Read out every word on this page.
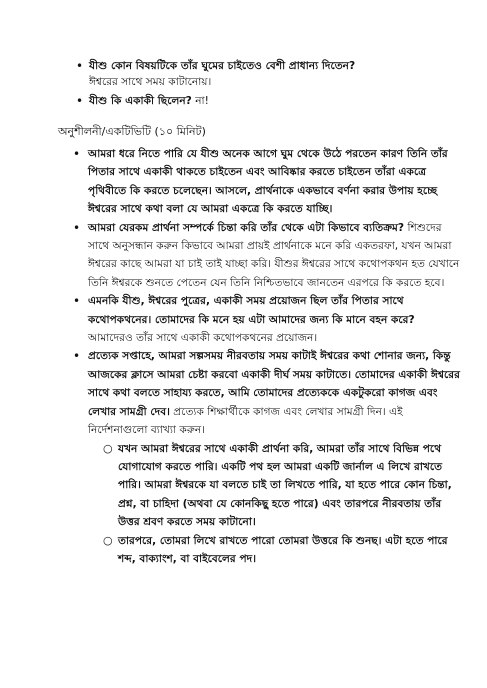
• যীশু কোন বিষয়টিকে তাঁর ঘুমের চাইতেও বেশী প্রাধান্য দিতেন?
ঈশ্বরের সাথে সময় কাটানোয়।
• যীশু কি একাকী ছিলেন? না!
অনুশীলনী/একটিভিটি (১০ মিনিট)
• আমরা ধরে নিতে পারি যে যীশু অনেক আগে ঘুম থেকে উঠে পরতেন কারণ তিনি তাঁর পিতার সাথে একাকী থাকতে চাইতেন এবং আবিষ্কার করতে চাইতেন তাঁরা একত্রে পৃথিবীতে কি করতে চলেছেন। আসলে, প্রার্থনাকে একভাবে বর্ণনা করার উপায় হচ্ছে ঈশ্বরের সাথে কথা বলা যে আমরা একত্রে কি করতে যাচ্ছি।
• আমরা যেরকম প্রার্থনা সম্পর্কে চিন্তা করি তাঁর থেকে এটা কিভাবে ব্যতিক্রম? শিশুদের সাথে অনুসন্ধান করুন কিভাবে আমরা প্রায়ই প্রার্থনাকে মনে করি একতরফা, যখন আমরা ঈশ্বরের কাছে আমরা যা চাই তাই যাচ্ছা করি। যীশুর ঈশ্বরের সাথে কথোপকথন হত যেখানে তিনি ঈশ্বরকে শুনতে পেতেন যেন তিনি নিশ্চিতভাবে জানতেন এরপরে কি করতে হবে।
• এমনকি যীশু, ঈশ্বরের পুত্রের, একাকী সময় প্রয়োজন ছিল তাঁর পিতার সাথে কথোপকথনের। তোমাদের কি মনে হয় এটা আমাদের জন্য কি মানে বহন করে? আমাদেরও তাঁর সাথে একাকী কথোপকথনের প্রয়োজন।
• প্রত্যেক সপ্তাহে, আমরা সল্পসময় নীরবতায় সময় কাটাই ঈশ্বরের কথা শোনার জন্য, কিন্তু আজকের ক্লাসে আমরা চেষ্টা করবো একাকী দীর্ঘ সময় কাটাতে। তোমাদের একাকী ঈশ্বরের সাথে কথা বলতে সাহায্য করতে, আমি তোমাদের প্রত্যেককে একটুকরো কাগজ এবং লেখার সামগ্রী দেব। প্রত্যেক শিক্ষার্থীকে কাগজ এবং লেখার সামগ্রী দিন। এই নির্দেশনাগুলো ব্যাখ্যা করুন।
○ যখন আমরা ঈশ্বরের সাথে একাকী প্রার্থনা করি, আমরা তাঁর সাথে বিভিন্ন পথে যোগাযোগ করতে পারি। একটি পথ হল আমরা একটি জার্নাল এ লিখে রাখতে পারি। আমরা ঈশ্বরকে যা বলতে চাই তা লিখতে পারি, যা হতে পারে কোন চিন্তা, প্রশ্ন, বা চাহিদা (অথবা যে কোনকিছু হতে পারে) এবং তারপরে নীরবতায় তাঁর উত্তর শ্রবণ করতে সময় কাটানো।
○ তারপরে, তোমরা লিখে রাখতে পারো তোমরা উত্তরে কি শুনছ। এটা হতে পারে শব্দ, বাক্যাংশ, বা বাইবেলের পদ।
